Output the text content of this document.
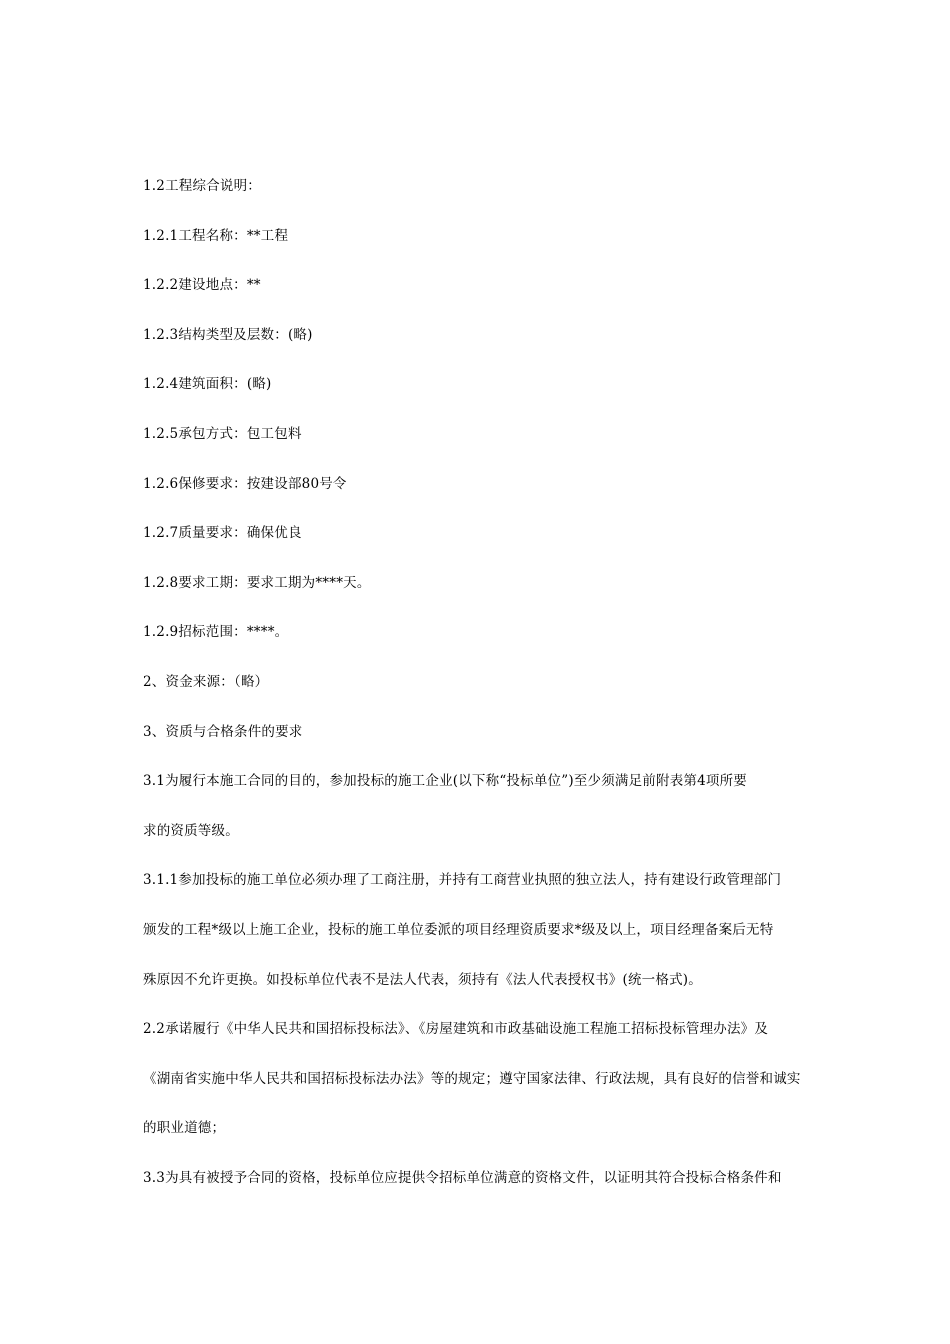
1.2工程综合说明：
1.2.1工程名称：**工程
1.2.2建设地点：**
1.2.3结构类型及层数：(略)
1.2.4建筑面积：(略)
1.2.5承包方式：包工包料
1.2.6保修要求：按建设部80号令
1.2.7质量要求：确保优良
1.2.8要求工期：要求工期为****天。
1.2.9招标范围：****。
2、资金来源：（略）
3、资质与合格条件的要求
3.1为履行本施工合同的目的，参加投标的施工企业(以下称“投标单位”)至少须满足前附表第4项所要
求的资质等级。
3.1.1参加投标的施工单位必须办理了工商注册，并持有工商营业执照的独立法人，持有建设行政管理部门
颁发的工程*级以上施工企业，投标的施工单位委派的项目经理资质要求*级及以上，项目经理备案后无特
殊原因不允许更换。如投标单位代表不是法人代表，须持有《法人代表授权书》(统一格式)。
2.2承诺履行《中华人民共和国招标投标法》、《房屋建筑和市政基础设施工程施工招标投标管理办法》及
《湖南省实施中华人民共和国招标投标法办法》等的规定；遵守国家法律、行政法规，具有良好的信誉和诚实
的职业道德；
3.3为具有被授予合同的资格，投标单位应提供令招标单位满意的资格文件，以证明其符合投标合格条件和
